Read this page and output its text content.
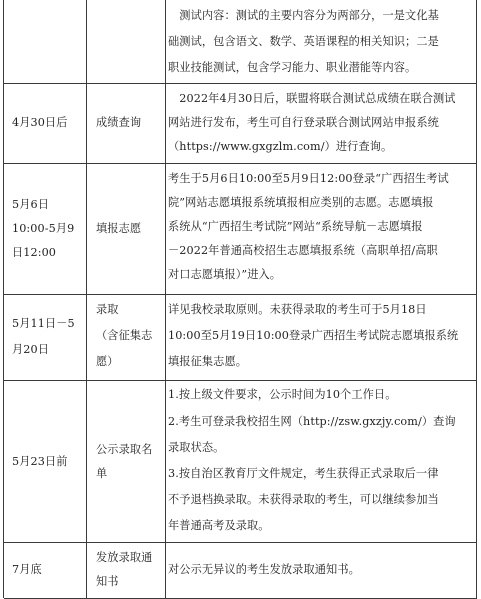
　测试内容：测试的主要内容分为两部分，一是文化基
础测试，包含语文、数学、英语课程的相关知识；二是
职业技能测试，包含学习能力、职业潜能等内容。
4月30日后	成绩查询
　2022年4月30日后，联盟将联合测试总成绩在联合测试
网站进行发布，考生可自行登录联合测试网站申报系统
（https://www.gxgzlm.com/）进行查询。
5月6日
10:00-5月9
日12:00
填报志愿
考生于5月6日10:00至5月9日12:00登录“广西招生考试
院”网站志愿填报系统填报相应类别的志愿。志愿填报
系统从“广西招生考试院”网站“系统导航－志愿填报
－2022年普通高校招生志愿填报系统（高职单招/高职
对口志愿填报）”进入。
5月11日－5
月20日
录取
（含征集志
愿）
详见我校录取原则。未获得录取的考生可于5月18日
10:00至5月19日10:00登录广西招生考试院志愿填报系统
填报征集志愿。
5月23日前
公示录取名
单
1.按上级文件要求，公示时间为10个工作日。
2.考生可登录我校招生网（http://zsw.gxzjy.com/）查询
录取状态。
3.按自治区教育厅文件规定，考生获得正式录取后一律
不予退档换录取。未获得录取的考生，可以继续参加当
年普通高考及录取。
7月底
发放录取通
知书
对公示无异议的考生发放录取通知书。
